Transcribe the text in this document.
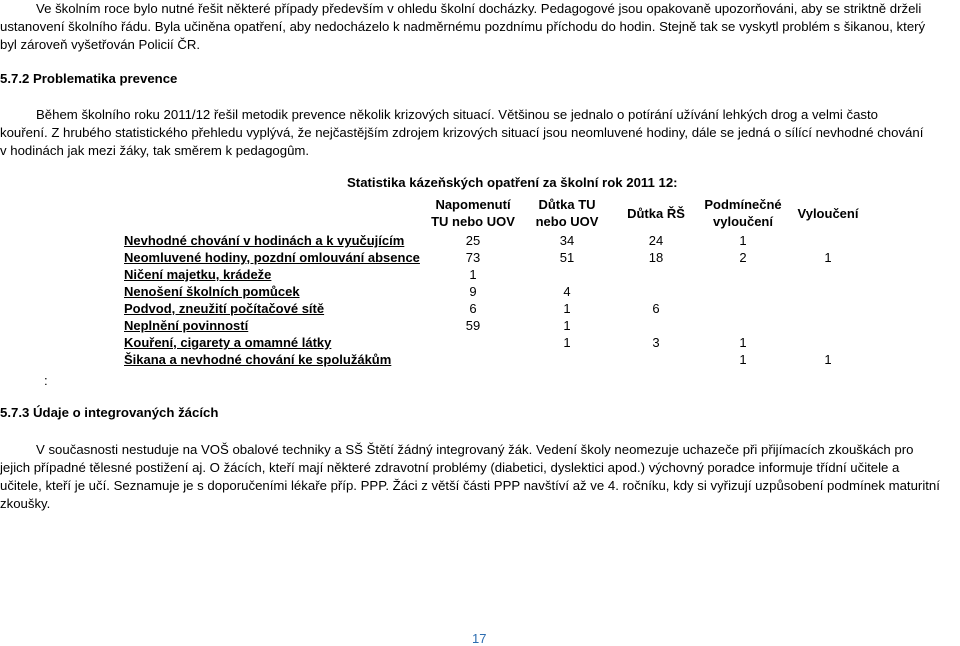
Ve školním roce bylo nutné řešit některé případy především v ohledu školní docházky. Pedagogové jsou opakovaně upozorňováni, aby se striktně drželi
ustanovení školního řádu. Byla učiněna opatření, aby nedocházelo k nadměrnému pozdnímu příchodu do hodin. Stejně tak se vyskytl problém s šikanou, který
byl zároveň vyšetřován Policií ČR.
5.7.2 Problematika prevence
Během školního roku 2011/12 řešil metodik prevence několik krizových situací. Většinou se jednalo o potírání užívání lehkých drog a velmi často
kouření. Z hrubého statistického přehledu vyplývá, že nejčastějším zdrojem krizových situací jsou neomluvené hodiny, dále se jedná o sílící nevhodné chování
v hodinách jak mezi žáky, tak směrem k pedagogûm.
Statistika kázeňských opatření za školní rok 2011 12:
	Napomenutí TU nebo UOV	Důtka TU nebo UOV	Důtka ŘŠ	Podmínečné vyloučení	Vyloučení
Nevhodné chování v hodinách a k vyučujícím	25	34	24	1	
Neomluvené hodiny, pozdní omlouvání absence	73	51	18	2	1
Ničení majetku, krádeže	1				
Nenošení školních pomůcek	9	4			
Podvod, zneužití počítačové sítě	6	1	6		
Neplnění povinností	59	1			
Kouření, cigarety a omamné látky		1	3	1	
Šikana a nevhodné chování ke spolužákům				1	1
:
5.7.3 Údaje o integrovaných žácích
V současnosti nestuduje na VOŠ obalové techniky a SŠ Štětí žádný integrovaný žák. Vedení školy neomezuje uchazeče při přijímacích zkouškách pro
jejich případné tělesné postižení aj. O žácích, kteří mají některé zdravotní problémy (diabetici, dyslektici apod.) výchovný poradce informuje třídní učitele a
učitele, kteří je učí. Seznamuje je s doporučeními lékaře příp. PPP. Žáci z větší části PPP navštíví až ve 4. ročníku, kdy si vyřizují uzpůsobení podmínek maturitní
zkoušky.
17
